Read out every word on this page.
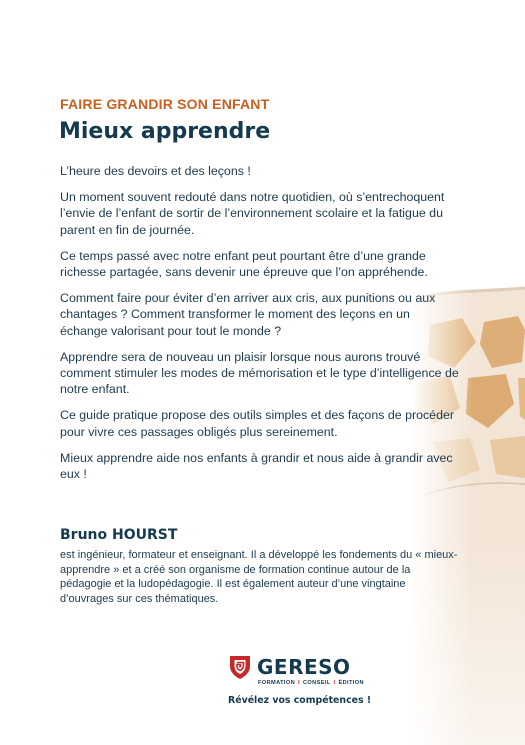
FAIRE GRANDIR SON ENFANT
Mieux apprendre

L’heure des devoirs et des leçons !

Un moment souvent redouté dans notre quotidien, où s’entrechoquent l’envie de l’enfant de sortir de l’environnement scolaire et la fatigue du parent en fin de journée.

Ce temps passé avec notre enfant peut pourtant être d’une grande richesse partagée, sans devenir une épreuve que l’on appréhende.

Comment faire pour éviter d’en arriver aux cris, aux punitions ou aux chantages ? Comment transformer le moment des leçons en un échange valorisant pour tout le monde ?

Apprendre sera de nouveau un plaisir lorsque nous aurons trouvé comment stimuler les modes de mémorisation et le type d’intelligence de notre enfant.

Ce guide pratique propose des outils simples et des façons de procéder pour vivre ces passages obligés plus sereinement.

Mieux apprendre aide nos enfants à grandir et nous aide à grandir avec eux !

Bruno HOURST
est ingénieur, formateur et enseignant. Il a développé les fondements du « mieux-apprendre » et a créé son organisme de formation continue autour de la pédagogie et la ludopédagogie. Il est également auteur d’une vingtaine d’ouvrages sur ces thématiques.
GERESO
FORMATION I CONSEIL I ÉDITION
Révélez vos compétences !
